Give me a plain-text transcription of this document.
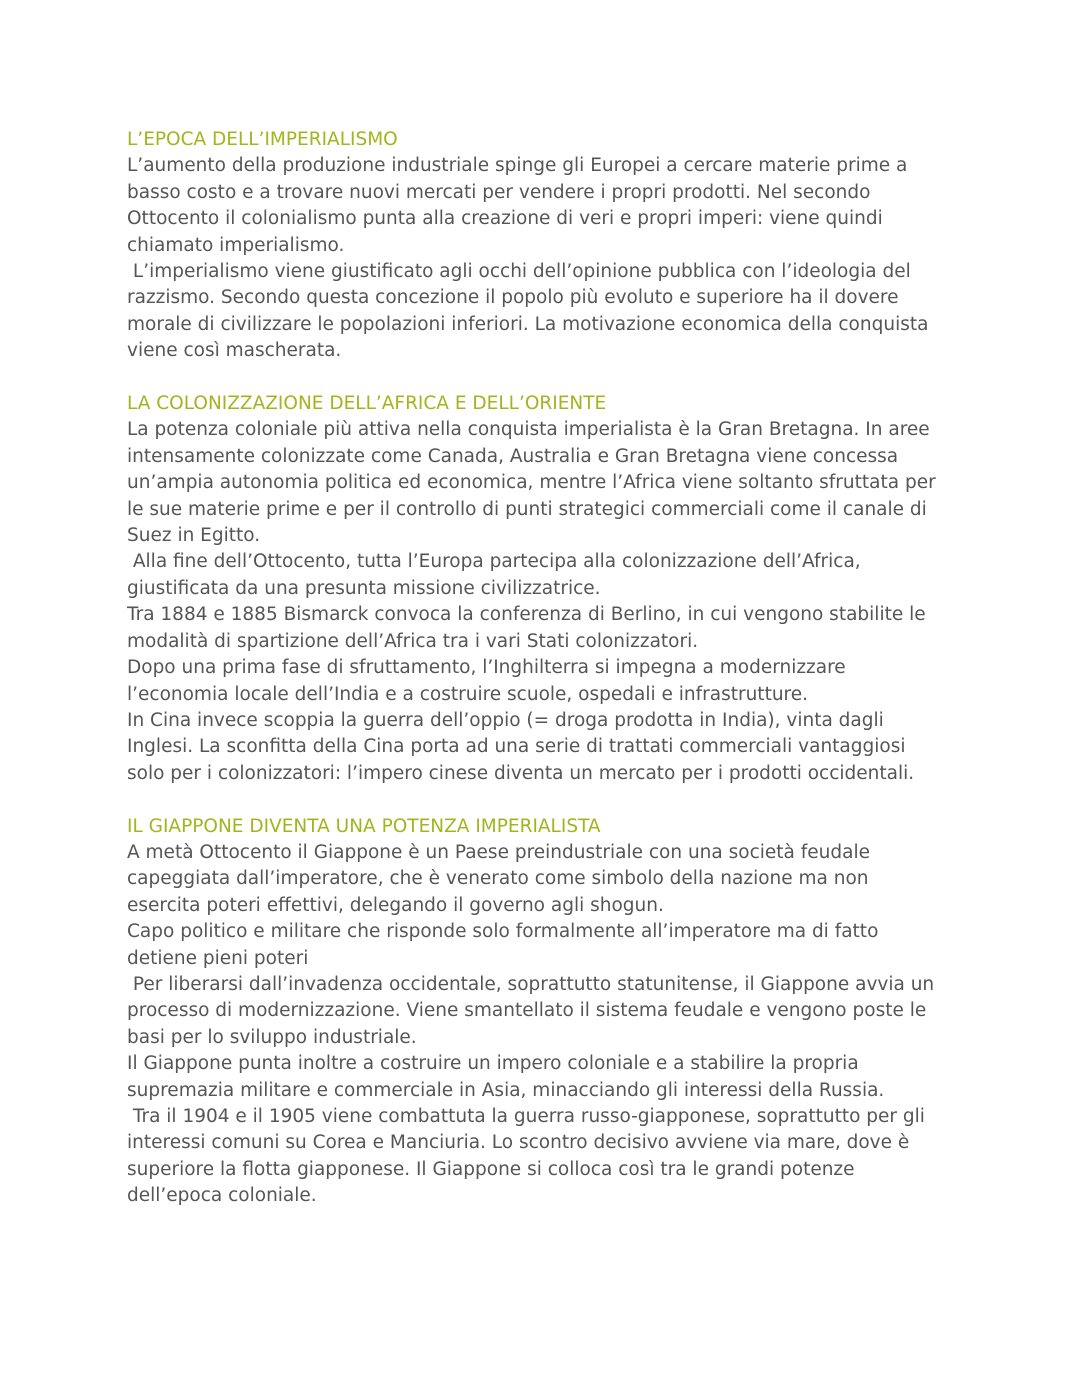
L’EPOCA DELL’IMPERIALISMO

L’aumento della produzione industriale spinge gli Europei a cercare materie prime a

basso costo e a trovare nuovi mercati per vendere i propri prodotti. Nel secondo

Ottocento il colonialismo punta alla creazione di veri e propri imperi: viene quindi

chiamato imperialismo.

L’imperialismo viene giustificato agli occhi dell’opinione pubblica con l’ideologia del

razzismo. Secondo questa concezione il popolo più evoluto e superiore ha il dovere

morale di civilizzare le popolazioni inferiori. La motivazione economica della conquista

viene così mascherata.

LA COLONIZZAZIONE DELL’AFRICA E DELL’ORIENTE

La potenza coloniale più attiva nella conquista imperialista è la Gran Bretagna. In aree

intensamente colonizzate come Canada, Australia e Gran Bretagna viene concessa

un’ampia autonomia politica ed economica, mentre l’Africa viene soltanto sfruttata per

le sue materie prime e per il controllo di punti strategici commerciali come il canale di

Suez in Egitto.

Alla fine dell’Ottocento, tutta l’Europa partecipa alla colonizzazione dell’Africa,

giustificata da una presunta missione civilizzatrice.

Tra 1884 e 1885 Bismarck convoca la conferenza di Berlino, in cui vengono stabilite le

modalità di spartizione dell’Africa tra i vari Stati colonizzatori.

Dopo una prima fase di sfruttamento, l’Inghilterra si impegna a modernizzare

l’economia locale dell’India e a costruire scuole, ospedali e infrastrutture.

In Cina invece scoppia la guerra dell’oppio (= droga prodotta in India), vinta dagli

Inglesi. La sconfitta della Cina porta ad una serie di trattati commerciali vantaggiosi

solo per i colonizzatori: l’impero cinese diventa un mercato per i prodotti occidentali.

IL GIAPPONE DIVENTA UNA POTENZA IMPERIALISTA

A metà Ottocento il Giappone è un Paese preindustriale con una società feudale

capeggiata dall’imperatore, che è venerato come simbolo della nazione ma non

esercita poteri effettivi, delegando il governo agli shogun.

Capo politico e militare che risponde solo formalmente all’imperatore ma di fatto

detiene pieni poteri

Per liberarsi dall’invadenza occidentale, soprattutto statunitense, il Giappone avvia un

processo di modernizzazione. Viene smantellato il sistema feudale e vengono poste le

basi per lo sviluppo industriale.

Il Giappone punta inoltre a costruire un impero coloniale e a stabilire la propria

supremazia militare e commerciale in Asia, minacciando gli interessi della Russia.

Tra il 1904 e il 1905 viene combattuta la guerra russo-giapponese, soprattutto per gli

interessi comuni su Corea e Manciuria. Lo scontro decisivo avviene via mare, dove è

superiore la flotta giapponese. Il Giappone si colloca così tra le grandi potenze

dell’epoca coloniale.
